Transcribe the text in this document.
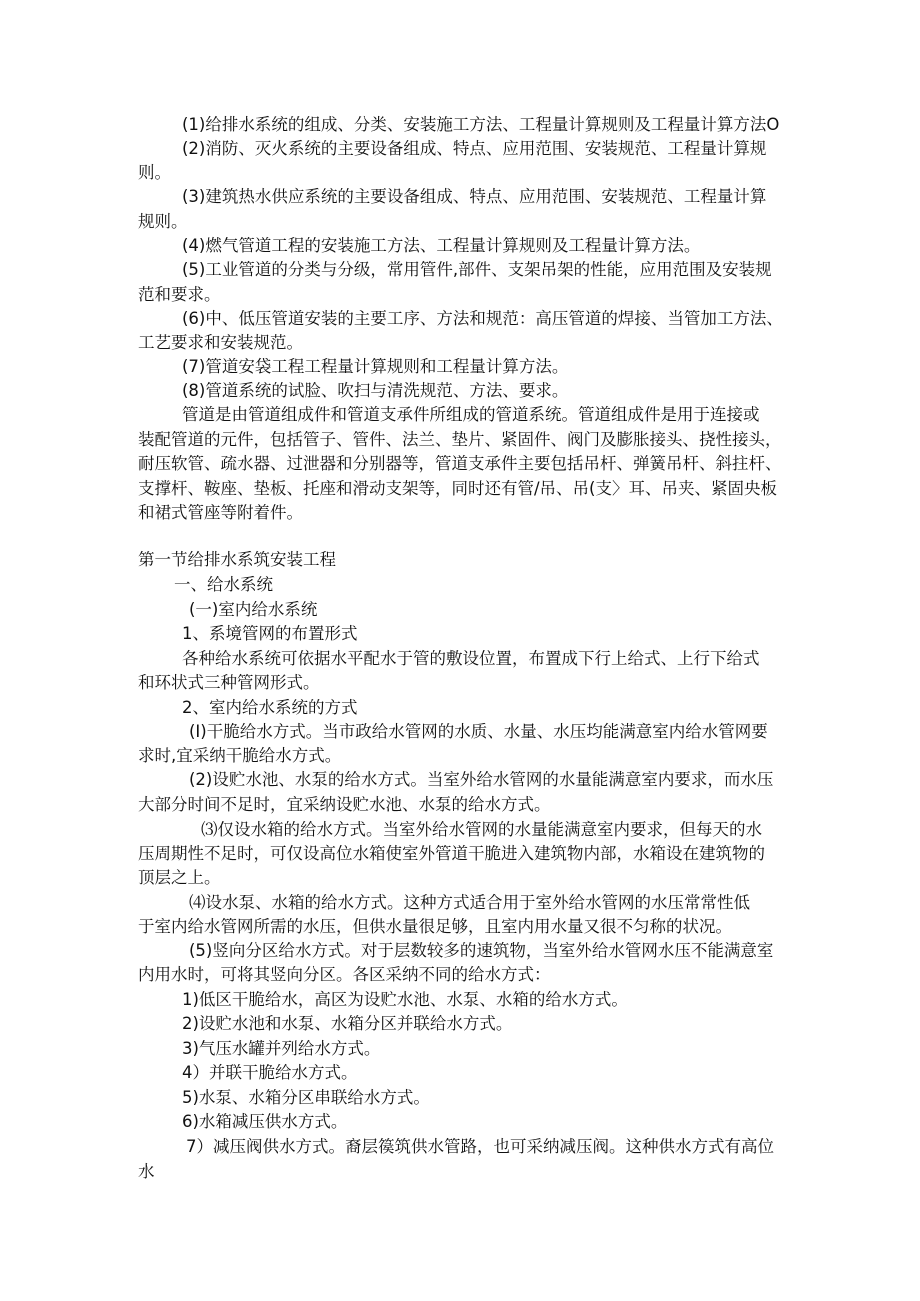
(1)给排水系统的组成、分类、安装施工方法、工程量计算规则及工程量计算方法O
(2)消防、灭火系统的主要设备组成、特点、应用范围、安装规范、工程量计算规
则。
(3)建筑热水供应系统的主要设备组成、特点、应用范围、安装规范、工程量计算
规则。
(4)燃气管道工程的安装施工方法、工程量计算规则及工程量计算方法。
(5)工业管道的分类与分级，常用管件,部件、支架吊架的性能，应用范围及安装规
范和要求。
(6)中、低压管道安装的主要工序、方法和规范：高压管道的焊接、当管加工方法、
工艺要求和安装规范。
(7)管道安袋工程工程量计算规则和工程量计算方法。
(8)管道系统的试脸、吹扫与清洗规范、方法、要求。
管道是由管道组成件和管道支承件所组成的管道系统。管道组成件是用于连接或
装配管道的元件，包括管子、管件、法兰、垫片、紧固件、阀门及膨胀接头、挠性接头，
耐压软管、疏水器、过泄器和分别器等，管道支承件主要包括吊杆、弹簧吊杆、斜拄杆、
支撑杆、鞍座、垫板、托座和滑动支架等，同时还有管/吊、吊(支〉耳、吊夹、紧固央板
和裙式管座等附着件。
第一节给排水系筑安装工程
一、给水系统
(一)室内给水系统
1、系境管网的布置形式
各种给水系统可依据水平配水于管的敷设位置，布置成下行上给式、上行下给式
和环状式三种管网形式。
2、室内给水系统的方式
(I)干脆给水方式。当市政给水管网的水质、水量、水压均能满意室内给水管网要
求时,宜采纳干脆给水方式。
(2)设贮水池、水泵的给水方式。当室外给水管网的水量能满意室内要求，而水压
大部分时间不足时，宜采纳设贮水池、水泵的给水方式。
⑶仅设水箱的给水方式。当室外给水管网的水量能满意室内要求，但每天的水
压周期性不足时，可仅设高位水箱使室外管道干脆进入建筑物内部，水箱设在建筑物的
顶层之上。
⑷设水泵、水箱的给水方式。这种方式适合用于室外给水管网的水压常常性低
于室内给水管网所需的水压，但供水量很足够，且室内用水量又很不匀称的状况。
(5)竖向分区给水方式。对于层数较多的速筑物，当室外给水管网水压不能满意室
内用水时，可将其竖向分区。各区采纳不同的给水方式：
1)低区干脆给水，高区为设贮水池、水泵、水箱的给水方式。
2)设贮水池和水泵、水箱分区并联给水方式。
3)气压水罐并列给水方式。
4）并联干脆给水方式。
5)水泵、水箱分区串联给水方式。
6)水箱减压供水方式。
7）减压阀供水方式。裔层篌筑供水管路，也可采纳减压阀。这种供水方式有高位
水
